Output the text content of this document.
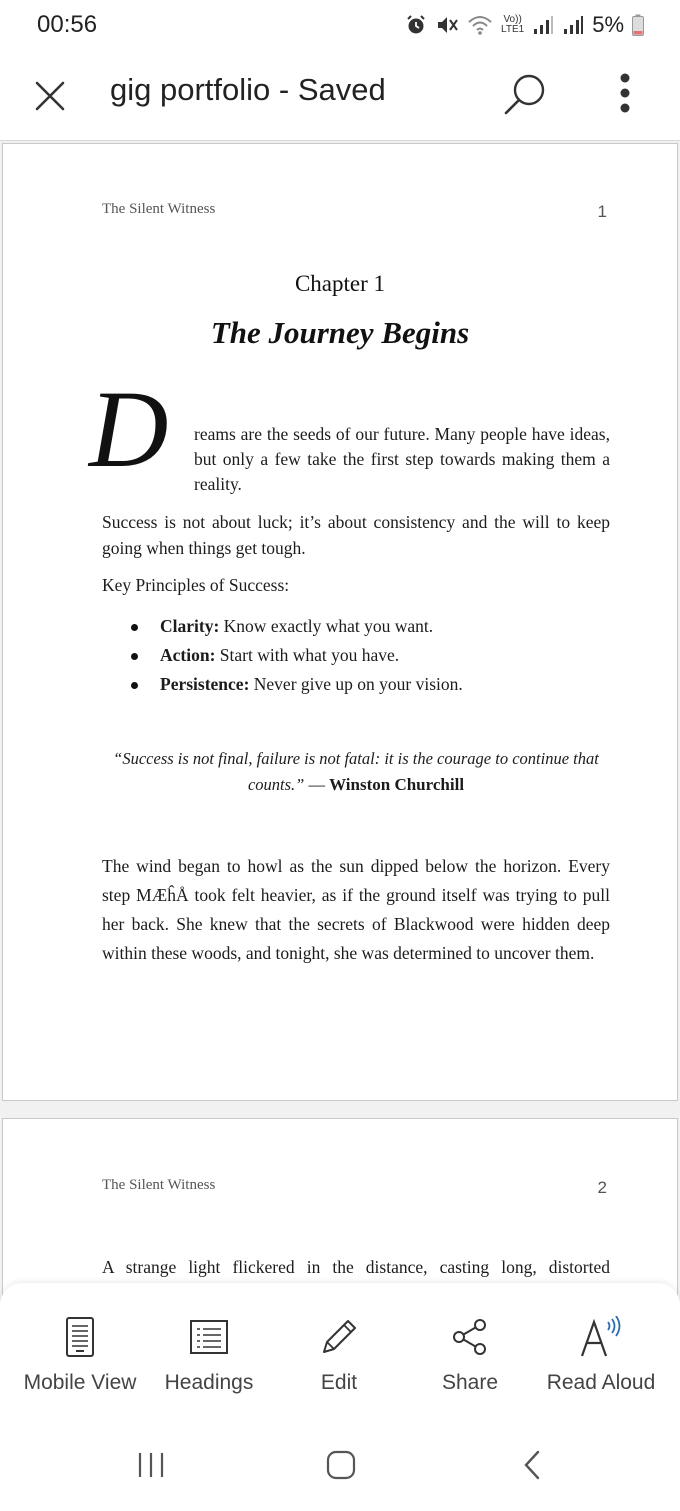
00:56	Vo))
LTE1	5%
gig portfolio - Saved
The Silent Witness	1
Chapter 1
The Journey Begins
D reams are the seeds of our future. Many people have ideas, but only a few take the first step towards making them a reality.
Success is not about luck; it’s about consistency and the will to keep going when things get tough.
Key Principles of Success:
Clarity: Know exactly what you want.
Action: Start with what you have.
Persistence: Never give up on your vision.
“Success is not final, failure is not fatal: it is the courage to continue that counts.” — Winston Churchill
The wind began to howl as the sun dipped below the horizon. Every step MÆĥÅ took felt heavier, as if the ground itself was trying to pull her back. She knew that the secrets of Blackwood were hidden deep within these woods, and tonight, she was determined to uncover them.
The Silent Witness	2
A strange light flickered in the distance, casting long, distorted
Mobile View Headings	Edit	Share Read Aloud
